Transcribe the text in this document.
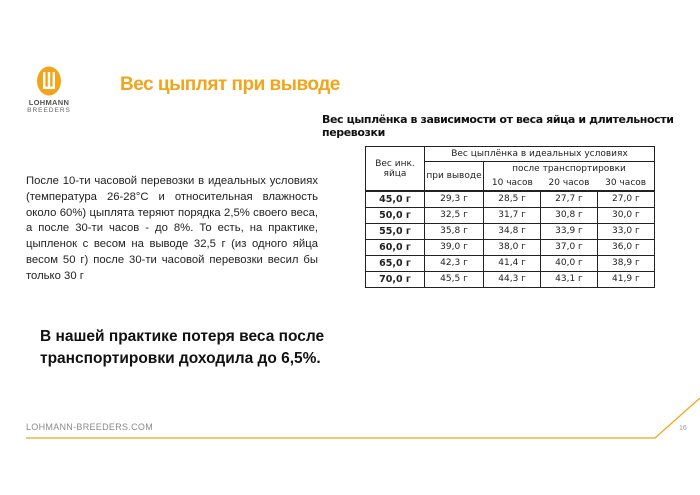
LOHMANN
BREEDERS
Вес цыплят при выводе
Вес цыплёнка в зависимости от веса яйца и длительности перевозки
Вес инк. яйца	Вес цыплёнка в идеальных условиях			
	при выводе	после транспортировки		
		10 часов	20 часов	30 часов
45,0 г	29,3 г	28,5 г	27,7 г	27,0 г
50,0 г	32,5 г	31,7 г	30,8 г	30,0 г
55,0 г	35,8 г	34,8 г	33,9 г	33,0 г
60,0 г	39,0 г	38,0 г	37,0 г	36,0 г
65,0 г	42,3 г	41,4 г	40,0 г	38,9 г
70,0 г	45,5 г	44,3 г	43,1 г	41,9 г

После 10-ти часовой перевозки в идеальных условиях (температура 26-28°С и относительная влажность около 60%) цыплята теряют порядка 2,5% своего веса, а после 30-ти часов - до 8%. То есть, на практике, цыпленок с весом на выводе 32,5 г (из одного яйца весом 50 г) после 30-ти часовой перевозки весил бы только 30 г

В нашей практике потеря веса после транспортировки доходила до 6,5%.

LOHMANN-BREEDERS.COM	16
